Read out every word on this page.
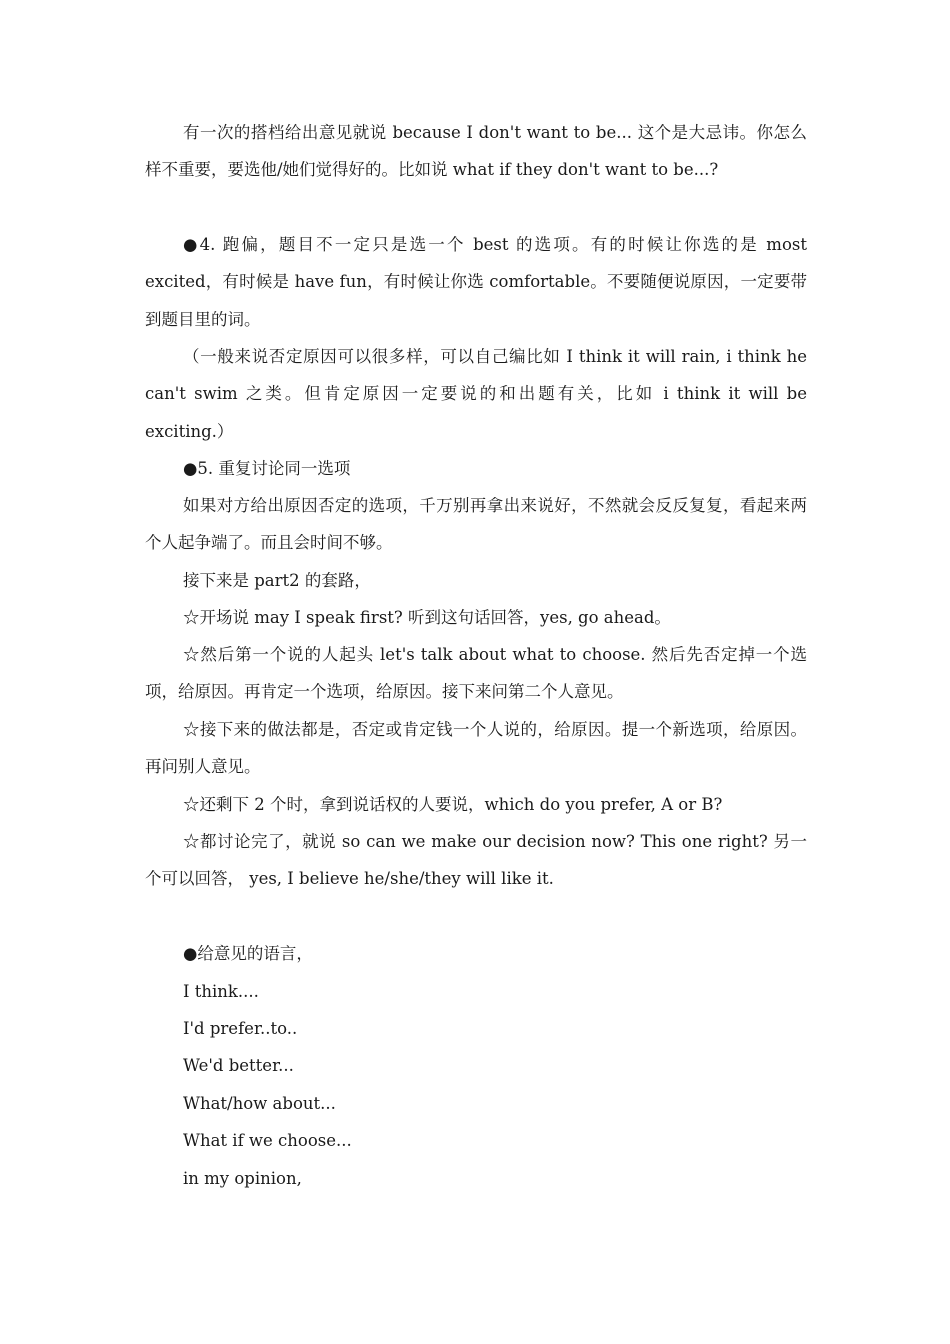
有一次的搭档给出意见就说 because I don't want to be... 这个是大忌讳。你怎么样不重要，要选他/她们觉得好的。比如说 what if they don't want to be...?

●4. 跑偏，题目不一定只是选一个 best 的选项。有的时候让你选的是 most excited，有时候是 have fun，有时候让你选 comfortable。不要随便说原因，一定要带到题目里的词。

（一般来说否定原因可以很多样，可以自己编比如 I think it will rain, i think he can't swim 之类。但肯定原因一定要说的和出题有关，比如 i think it will be exciting.）

●5. 重复讨论同一选项

如果对方给出原因否定的选项，千万别再拿出来说好，不然就会反反复复，看起来两个人起争端了。而且会时间不够。

接下来是 part2 的套路，

☆开场说 may I speak first? 听到这句话回答，yes, go ahead。

☆然后第一个说的人起头 let's talk about what to choose. 然后先否定掉一个选项，给原因。再肯定一个选项，给原因。接下来问第二个人意见。

☆接下来的做法都是，否定或肯定钱一个人说的，给原因。提一个新选项，给原因。再问别人意见。

☆还剩下 2 个时，拿到说话权的人要说，which do you prefer, A or B?

☆都讨论完了，就说 so can we make our decision now? This one right? 另一个可以回答， yes, I believe he/she/they will like it.

●给意见的语言，

I think....

I'd prefer..to..

We'd better...

What/how about...

What if we choose...

in my opinion,
